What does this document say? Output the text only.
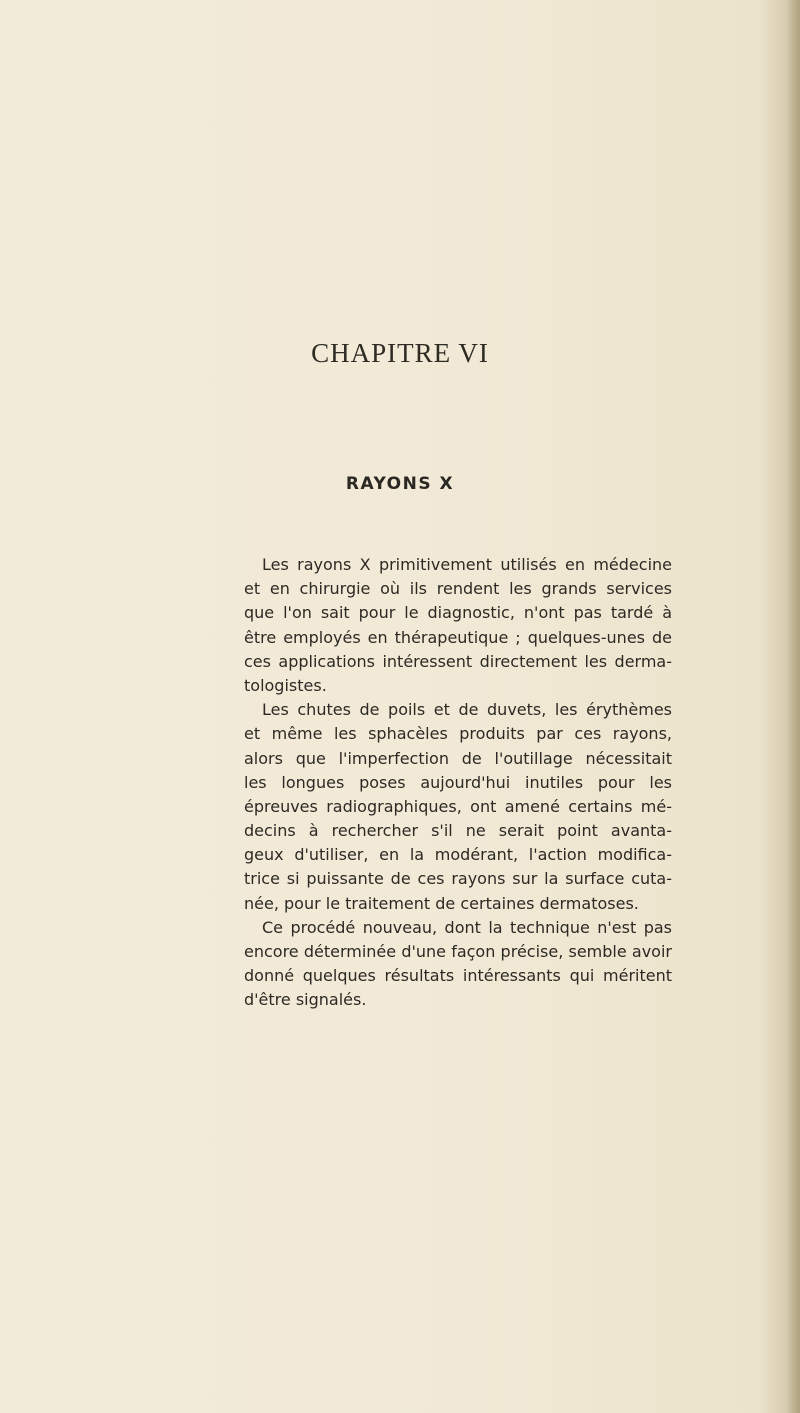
CHAPITRE VI
RAYONS X
Les rayons X primitivement utilisés en médecine
et en chirurgie où ils rendent les grands services
que l'on sait pour le diagnostic, n'ont pas tardé à
être employés en thérapeutique ; quelques-unes de
ces applications intéressent directement les derma-
tologistes.
Les chutes de poils et de duvets, les érythèmes
et même les sphacèles produits par ces rayons,
alors que l'imperfection de l'outillage nécessitait
les longues poses aujourd'hui inutiles pour les
épreuves radiographiques, ont amené certains mé-
decins à rechercher s'il ne serait point avanta-
geux d'utiliser, en la modérant, l'action modifica-
trice si puissante de ces rayons sur la surface cuta-
née, pour le traitement de certaines dermatoses.
Ce procédé nouveau, dont la technique n'est pas
encore déterminée d'une façon précise, semble avoir
donné quelques résultats intéressants qui méritent
d'être signalés.
